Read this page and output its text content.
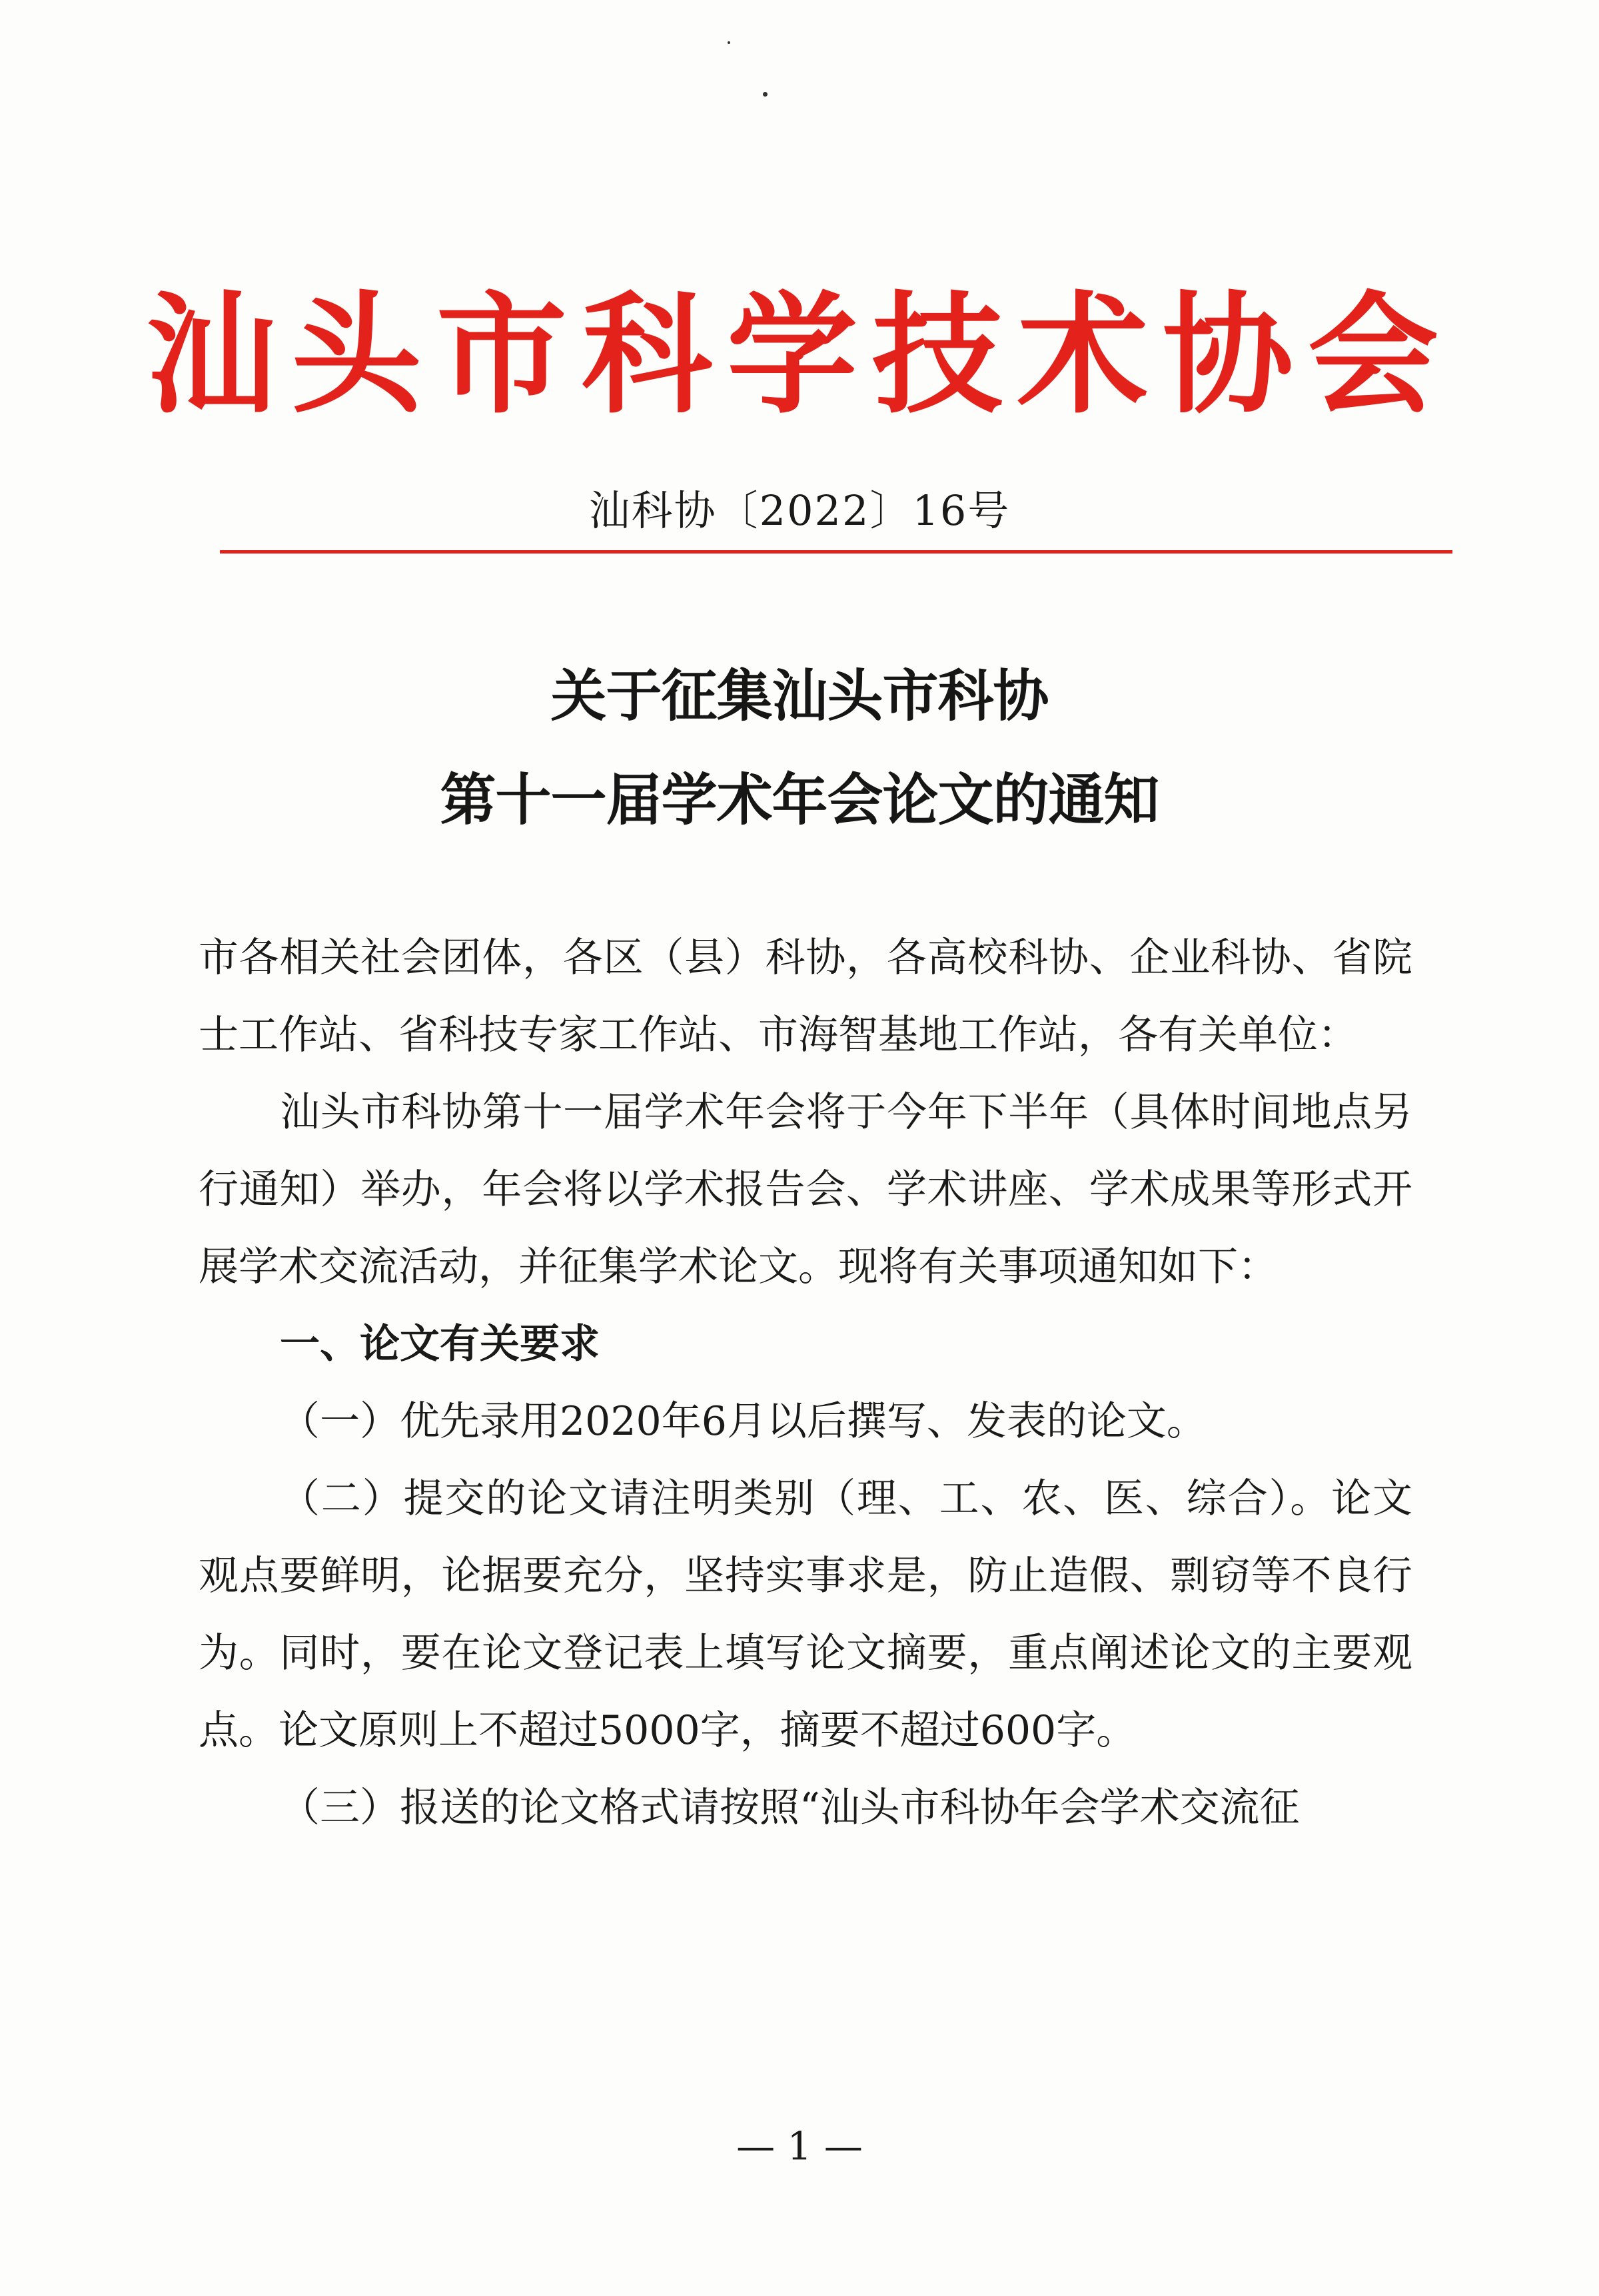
汕头市科学技术协会
汕科协〔2022〕16号
关于征集汕头市科协
第十一届学术年会论文的通知

市各相关社会团体，各区（县）科协，各高校科协、企业科协、省院士工作站、省科技专家工作站、市海智基地工作站，各有关单位：

汕头市科协第十一届学术年会将于今年下半年（具体时间地点另行通知）举办，年会将以学术报告会、学术讲座、学术成果等形式开展学术交流活动，并征集学术论文。现将有关事项通知如下：

一、论文有关要求

（一）优先录用2020年6月以后撰写、发表的论文。

（二）提交的论文请注明类别（理、工、农、医、综合）。论文观点要鲜明，论据要充分，坚持实事求是，防止造假、剽窃等不良行为。同时，要在论文登记表上填写论文摘要，重点阐述论文的主要观点。论文原则上不超过5000字，摘要不超过600字。

（三）报送的论文格式请按照“汕头市科协年会学术交流征

— 1 —
